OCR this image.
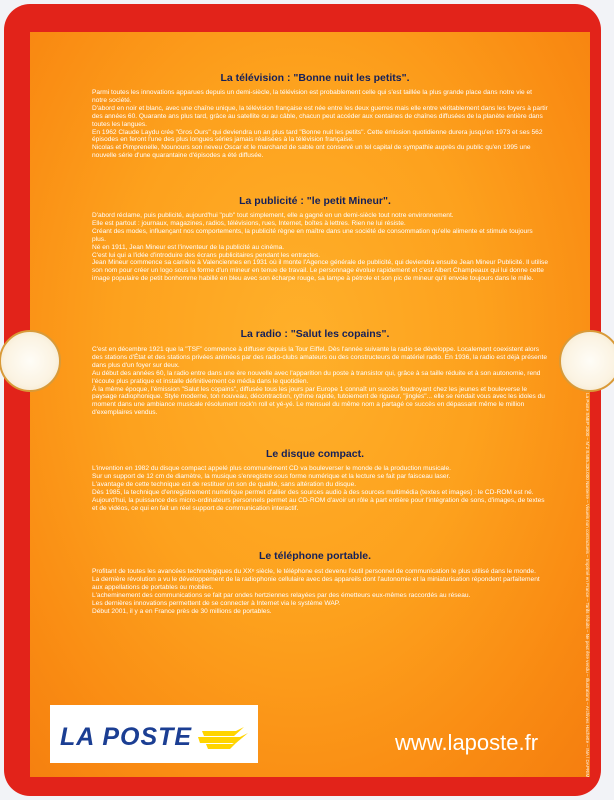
La télévision : "Bonne nuit les petits".

Parmi toutes les innovations apparues depuis un demi-siècle, la télévision est probablement celle qui s'est taillée la plus grande place dans notre vie et notre société.

D'abord en noir et blanc, avec une chaîne unique, la télévision française est née entre les deux guerres mais elle entre véritablement dans les foyers à partir des années 60. Quarante ans plus tard, grâce au satellite ou au câble, chacun peut accéder aux centaines de chaînes diffusées de la planète entière dans toutes les langues.

En 1962 Claude Laydu crée "Gros Ours" qui deviendra un an plus tard "Bonne nuit les petits". Cette émission quotidienne durera jusqu'en 1973 et ses 562 épisodes en feront l'une des plus longues séries jamais réalisées à la télévision française.

Nicolas et Pimprenelle, Nounours son neveu Oscar et le marchand de sable ont conservé un tel capital de sympathie auprès du public qu'en 1995 une nouvelle série d'une quarantaine d'épisodes a été diffusée.

La publicité : "le petit Mineur".

D'abord réclame, puis publicité, aujourd'hui "pub" tout simplement, elle a gagné en un demi-siècle tout notre environnement.

Elle est partout : journaux, magazines, radios, télévisions, rues, Internet, boîtes à lettres. Rien ne lui résiste.

Créant des modes, influençant nos comportements, la publicité règne en maître dans une société de consommation qu'elle alimente et stimule toujours plus.

Né en 1911, Jean Mineur est l'inventeur de la publicité au cinéma.

C'est lui qui a l'idée d'introduire des écrans publicitaires pendant les entractes.

Jean Mineur commence sa carrière à Valenciennes en 1931 où il monte l'Agence générale de publicité, qui deviendra ensuite Jean Mineur Publicité. Il utilise son nom pour créer un logo sous la forme d'un mineur en tenue de travail. Le personnage évolue rapidement et c'est Albert Champeaux qui lui donne cette image populaire de petit bonhomme habillé en bleu avec son écharpe rouge, sa lampe à pétrole et son pic de mineur qu'il envoie toujours dans le mille.

La radio : "Salut les copains".

C'est en décembre 1921 que la "TSF" commence à diffuser depuis la Tour Eiffel. Dès l'année suivante la radio se développe. Localement coexistent alors des stations d'État et des stations privées animées par des radio-clubs amateurs ou des constructeurs de matériel radio. En 1936, la radio est déjà présente dans plus d'un foyer sur deux.

Au début des années 60, la radio entre dans une ère nouvelle avec l'apparition du poste à transistor qui, grâce à sa taille réduite et à son autonomie, rend l'écoute plus pratique et installe définitivement ce média dans le quotidien.

À la même époque, l'émission "Salut les copains", diffusée tous les jours par Europe 1 connaît un succès foudroyant chez les jeunes et bouleverse le paysage radiophonique. Style moderne, ton nouveau, décontraction, rythme rapide, tutoiement de rigueur, "jingles"... elle se rendait vous avec les idoles du moment dans une ambiance musicale résolument rock'n roll et yé-yé. Le mensuel du même nom a partagé ce succès en dépassant même le million d'exemplaires vendus.

Le disque compact.

L'invention en 1982 du disque compact appelé plus communément CD va bouleverser le monde de la production musicale.

Sur un support de 12 cm de diamètre, la musique s'enregistre sous forme numérique et la lecture se fait par faisceau laser.

L'avantage de cette technique est de restituer un son de qualité, sans altération du disque.

Dès 1985, la technique d'enregistrement numérique permet d'allier des sources audio à des sources multimédia (textes et images) : le CD-ROM est né.

Aujourd'hui, la puissance des micro-ordinateurs personnels permet au CD-ROM d'avoir un rôle à part entière pour l'intégration de sons, d'images, de textes et de vidéos, ce qui en fait un réel support de communication interactif.

Le téléphone portable.

Profitant de toutes les avancées technologiques du XXᵉ siècle, le téléphone est devenu l'outil personnel de communication le plus utilisé dans le monde.

La dernière révolution a vu le développement de la radiophonie cellulaire avec des appareils dont l'autonomie et la miniaturisation répondent parfaitement aux appellations de portables ou mobiles.

L'acheminement des communications se fait par ondes hertziennes relayées par des émetteurs eux-mêmes raccordés au réseau.

Les dernières innovations permettent de se connecter à Internet via le système WAP.

Début 2001, il y a en France près de 30 millions de portables.	La Poste SNEP 2000 – N°2 8.585.330.000 Nanterre – Visuels non contractuels – Imprimé en France – Tarifs réduits – Ne peut être vendu – Illustrations – Archives Hachette – INA / DAPRIM
LA POSTE	www.laposte.fr
